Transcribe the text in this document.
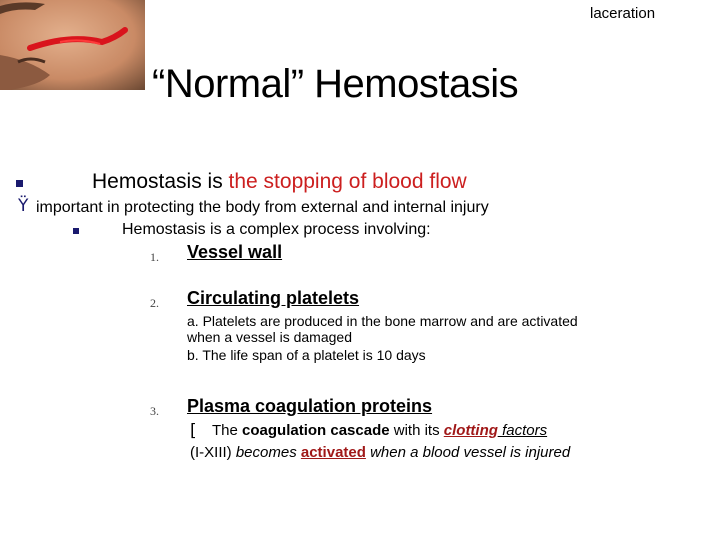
laceration
“Normal” Hemostasis
Hemostasis is the stopping of blood flow
Ÿ important in protecting the body from external and internal injury
Hemostasis is a complex process involving:
1. Vessel wall
2. Circulating platelets
a. Platelets are produced in the bone marrow and are activated
when a vessel is damaged
b. The life span of a platelet is 10 days
3. Plasma coagulation proteins
[ The coagulation cascade with its clotting factors
(I-XIII) becomes activated when a blood vessel is injured
